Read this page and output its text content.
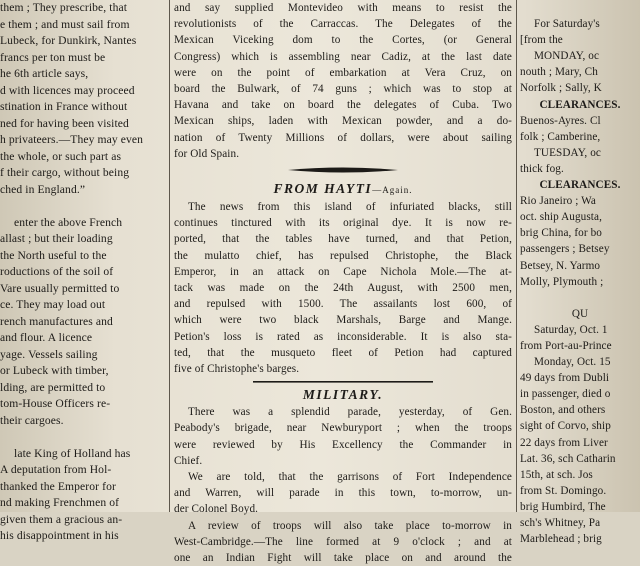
them ; They prescribe, that
e them ; and must sail from
Lubeck, for Dunkirk, Nantes
francs per ton must be
he 6th article says,
d with licences may proceed
stination in France without
ned for having been visited
h privateers.—They may even
the whole, or such part as
f their cargo, without being
ched in England.”

enter the above French
allast ; but their loading
the North useful to the
roductions of the soil of
Vare usually permitted to
ce. They may load out
rench manufactures and
and flour. A licence
yage. Vessels sailing
or Lubeck with timber,
lding, are permitted to
tom-House Officers re-
their cargoes.

late King of Holland has
A deputation from Hol-
thanked the Emperor for
nd making Frenchmen of
given them a gracious an-
his disappointment in his
and say supplied Montevideo with means to resist the
revolutionists of the Carraccas. The Delegates of the
Mexican Viceking dom to the Cortes, (or General
Congress) which is assembling near Cadiz, at the last date
were on the point of embarkation at Vera Cruz, on
board the Bulwark, of 74 guns ; which was to stop at
Havana and take on board the delegates of Cuba. Two
Mexican ships, laden with Mexican powder, and a do-
nation of Twenty Millions of dollars, were about sailing
for Old Spain.
FROM HAYTI—Again.
The news from this island of infuriated blacks, still
continues tinctured with its original dye. It is now re-
ported, that the tables have turned, and that Petion,
the mulatto chief, has repulsed Christophe, the Black
Emperor, in an attack on Cape Nichola Mole.—The at-
tack was made on the 24th August, with 2500 men,
and repulsed with 1500. The assailants lost 600, of
which were two black Marshals, Barge and Mange.
Petion's loss is rated as inconsiderable. It is also sta-
ted, that the musqueto fleet of Petion had captured
five of Christophe's barges.
MILITARY.
There was a splendid parade, yesterday, of Gen.
Peabody's brigade, near Newburyport ; when the troops
were reviewed by His Excellency the Commander in
Chief.
We are told, that the garrisons of Fort Independence
and Warren, will parade in this town, to-morrow, un-
der Colonel Boyd.
A review of troops will also take place to-morrow in
West-Cambridge.—The line formed at 9 o'clock ; and at
one an Indian Fight will take place on and around the

For Saturday's
[from the
MONDAY, oc
nouth ; Mary, Ch
Norfolk ; Sally, K
CLEARANCES.
Buenos-Ayres. Cl
folk ; Camberine,
TUESDAY, oc
thick fog.
CLEARANCES.
Rio Janeiro ; Wa
oct. ship Augusta,
brig China, for bo
passengers ; Betsey
Betsey, N. Yarmo
Molly, Plymouth ;

QU
Saturday, Oct. 1
from Port-au-Prince
Monday, Oct. 15
49 days from Dubli
in passenger, died o
Boston, and others
sight of Corvo, ship
22 days from Liver
Lat. 36, sch Catharin
15th, at sch. Jos
from St. Domingo.
brig Humbird, The
sch's Whitney, Pa
Marblehead ; brig
